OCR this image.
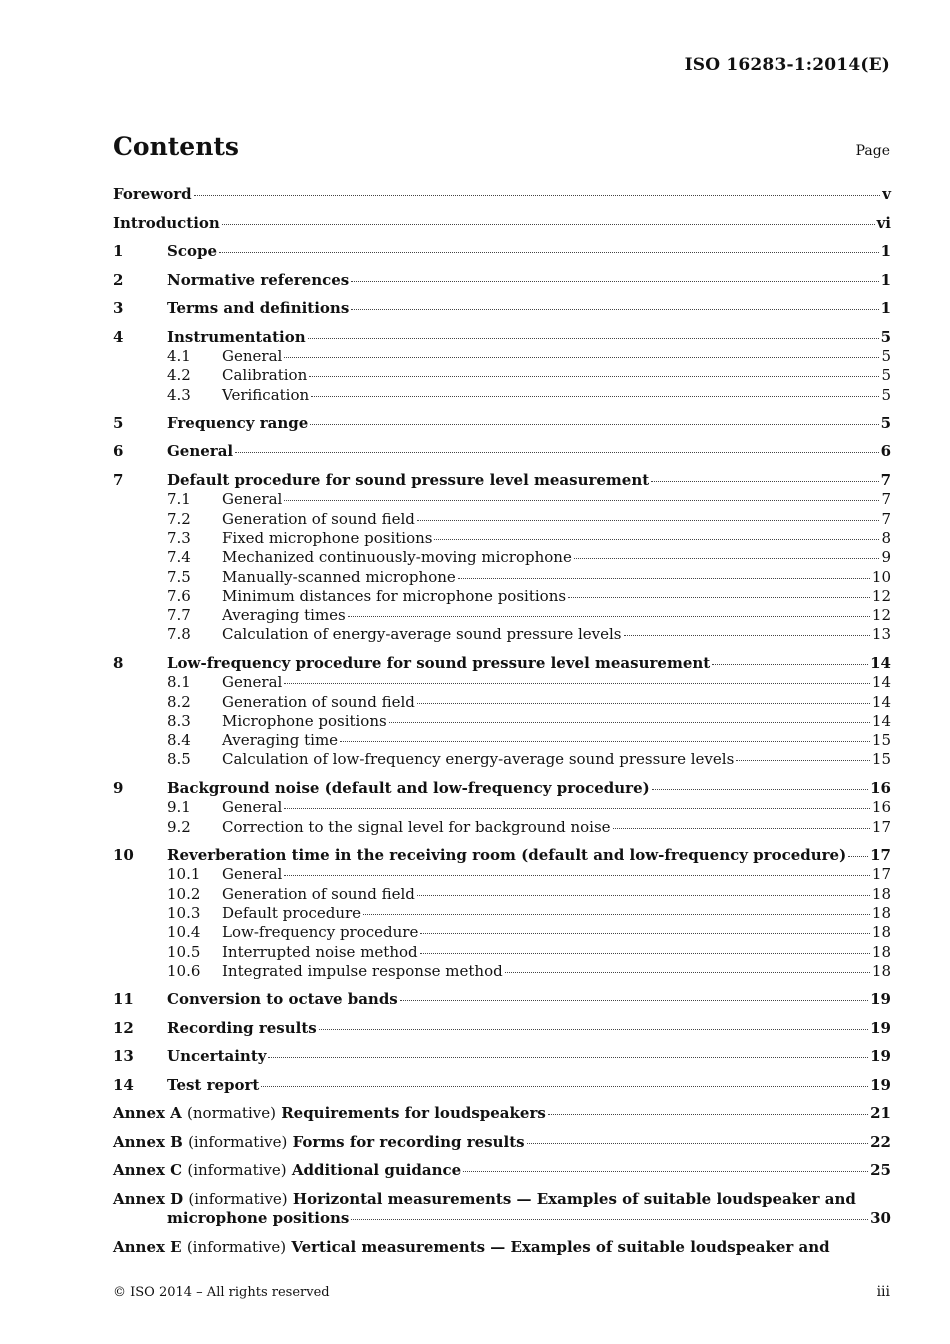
ISO 16283-1:2014(E)
Contents	Page
Foreword	v
Introduction	vi
1	Scope	1
2	Normative references	1
3	Terms and definitions	1
4	Instrumentation	5
4.1	General	5
4.2	Calibration	5
4.3	Verification	5
5	Frequency range	5
6	General	6
7	Default procedure for sound pressure level measurement	7
7.1	General	7
7.2	Generation of sound field	7
7.3	Fixed microphone positions	8
7.4	Mechanized continuously-moving microphone	9
7.5	Manually-scanned microphone	10
7.6	Minimum distances for microphone positions	12
7.7	Averaging times	12
7.8	Calculation of energy-average sound pressure levels	13
8	Low-frequency procedure for sound pressure level measurement	14
8.1	General	14
8.2	Generation of sound field	14
8.3	Microphone positions	14
8.4	Averaging time	15
8.5	Calculation of low-frequency energy-average sound pressure levels	15
9	Background noise (default and low-frequency procedure)	16
9.1	General	16
9.2	Correction to the signal level for background noise	17
10	Reverberation time in the receiving room (default and low-frequency procedure) 17
10.1	General	17
10.2	Generation of sound field	18
10.3	Default procedure	18
10.4	Low-frequency procedure	18
10.5	Interrupted noise method	18
10.6	Integrated impulse response method	18
11	Conversion to octave bands	19
12	Recording results	19
13	Uncertainty	19
14	Test report	19
Annex A (normative) Requirements for loudspeakers	21
Annex B (informative) Forms for recording results	22
Annex C (informative) Additional guidance	25
Annex D (informative) Horizontal measurements — Examples of suitable loudspeaker and
microphone positions	30
Annex E (informative) Vertical measurements — Examples of suitable loudspeaker and
© ISO 2014 – All rights reserved	iii
